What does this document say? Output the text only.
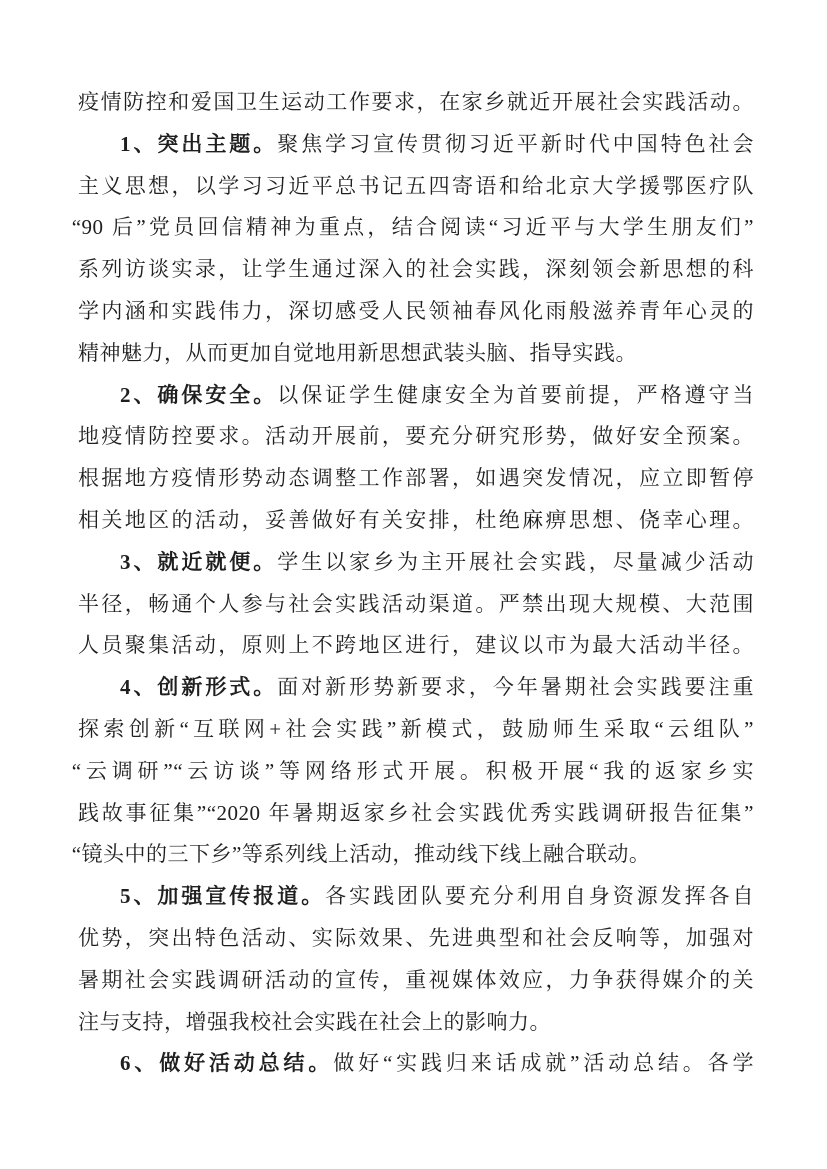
疫情防控和爱国卫生运动工作要求，在家乡就近开展社会实践活动。
1、突出主题。聚焦学习宣传贯彻习近平新时代中国特色社会
主义思想，以学习习近平总书记五四寄语和给北京大学援鄂医疗队
“90 后”党员回信精神为重点，结合阅读“习近平与大学生朋友们”
系列访谈实录，让学生通过深入的社会实践，深刻领会新思想的科
学内涵和实践伟力，深切感受人民领袖春风化雨般滋养青年心灵的
精神魅力，从而更加自觉地用新思想武装头脑、指导实践。
2、确保安全。以保证学生健康安全为首要前提，严格遵守当
地疫情防控要求。活动开展前，要充分研究形势，做好安全预案。
根据地方疫情形势动态调整工作部署，如遇突发情况，应立即暂停
相关地区的活动，妥善做好有关安排，杜绝麻痹思想、侥幸心理。
3、就近就便。学生以家乡为主开展社会实践，尽量减少活动
半径，畅通个人参与社会实践活动渠道。严禁出现大规模、大范围
人员聚集活动，原则上不跨地区进行，建议以市为最大活动半径。
4、创新形式。面对新形势新要求，今年暑期社会实践要注重
探索创新“互联网+社会实践”新模式，鼓励师生采取“云组队”
“云调研”“云访谈”等网络形式开展。积极开展“我的返家乡实
践故事征集”“2020 年暑期返家乡社会实践优秀实践调研报告征集”
“镜头中的三下乡”等系列线上活动，推动线下线上融合联动。
5、加强宣传报道。各实践团队要充分利用自身资源发挥各自
优势，突出特色活动、实际效果、先进典型和社会反响等，加强对
暑期社会实践调研活动的宣传，重视媒体效应，力争获得媒介的关
注与支持，增强我校社会实践在社会上的影响力。
6、做好活动总结。做好“实践归来话成就”活动总结。各学
